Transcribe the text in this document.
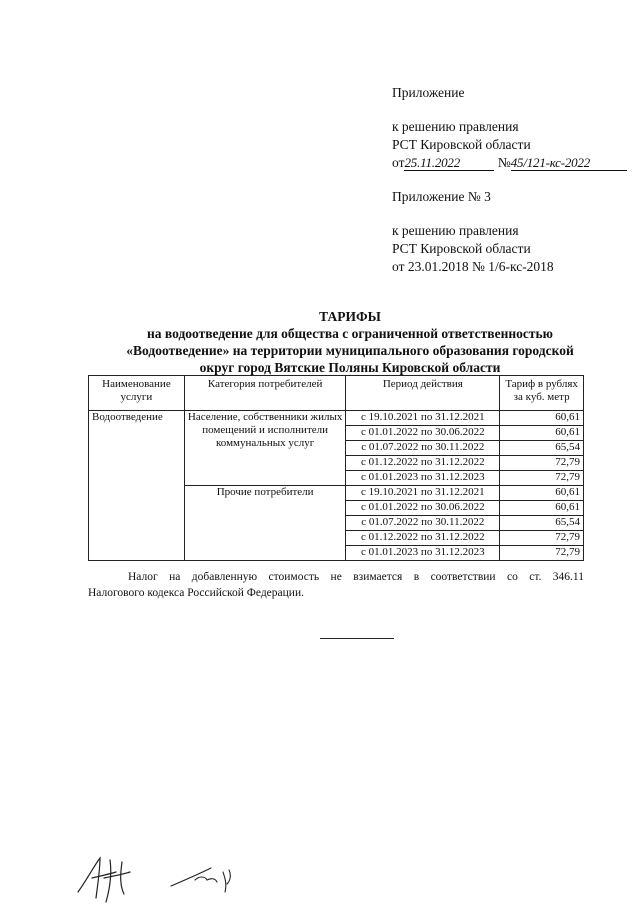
Приложение
к решению правления
РСТ Кировской области
от25.11.2022	№45/121-кс-2022
Приложение № 3
к решению правления
РСТ Кировской области
от 23.01.2018 № 1/6-кс-2018
ТАРИФЫ
на водоотведение для общества с ограниченной ответственностью
«Водоотведение» на территории муниципального образования городской
округ город Вятские Поляны Кировской области
Наименование услуги	Категория потребителей	Период действия	Тариф в рублях за куб. метр
Водоотведение	Население, собственники жилых помещений и исполнители коммунальных услуг	с 19.10.2021 по 31.12.2021	60,61
		с 01.01.2022 по 30.06.2022	60,61
		с 01.07.2022 по 30.11.2022	65,54
		с 01.12.2022 по 31.12.2022	72,79
		с 01.01.2023 по 31.12.2023	72,79
	Прочие потребители	с 19.10.2021 по 31.12.2021	60,61
		с 01.01.2022 по 30.06.2022	60,61
		с 01.07.2022 по 30.11.2022	65,54
		с 01.12.2022 по 31.12.2022	72,79
		с 01.01.2023 по 31.12.2023	72,79
Налог на добавленную стоимость не взимается в соответствии со ст. 346.11
Налогового кодекса Российской Федерации.
